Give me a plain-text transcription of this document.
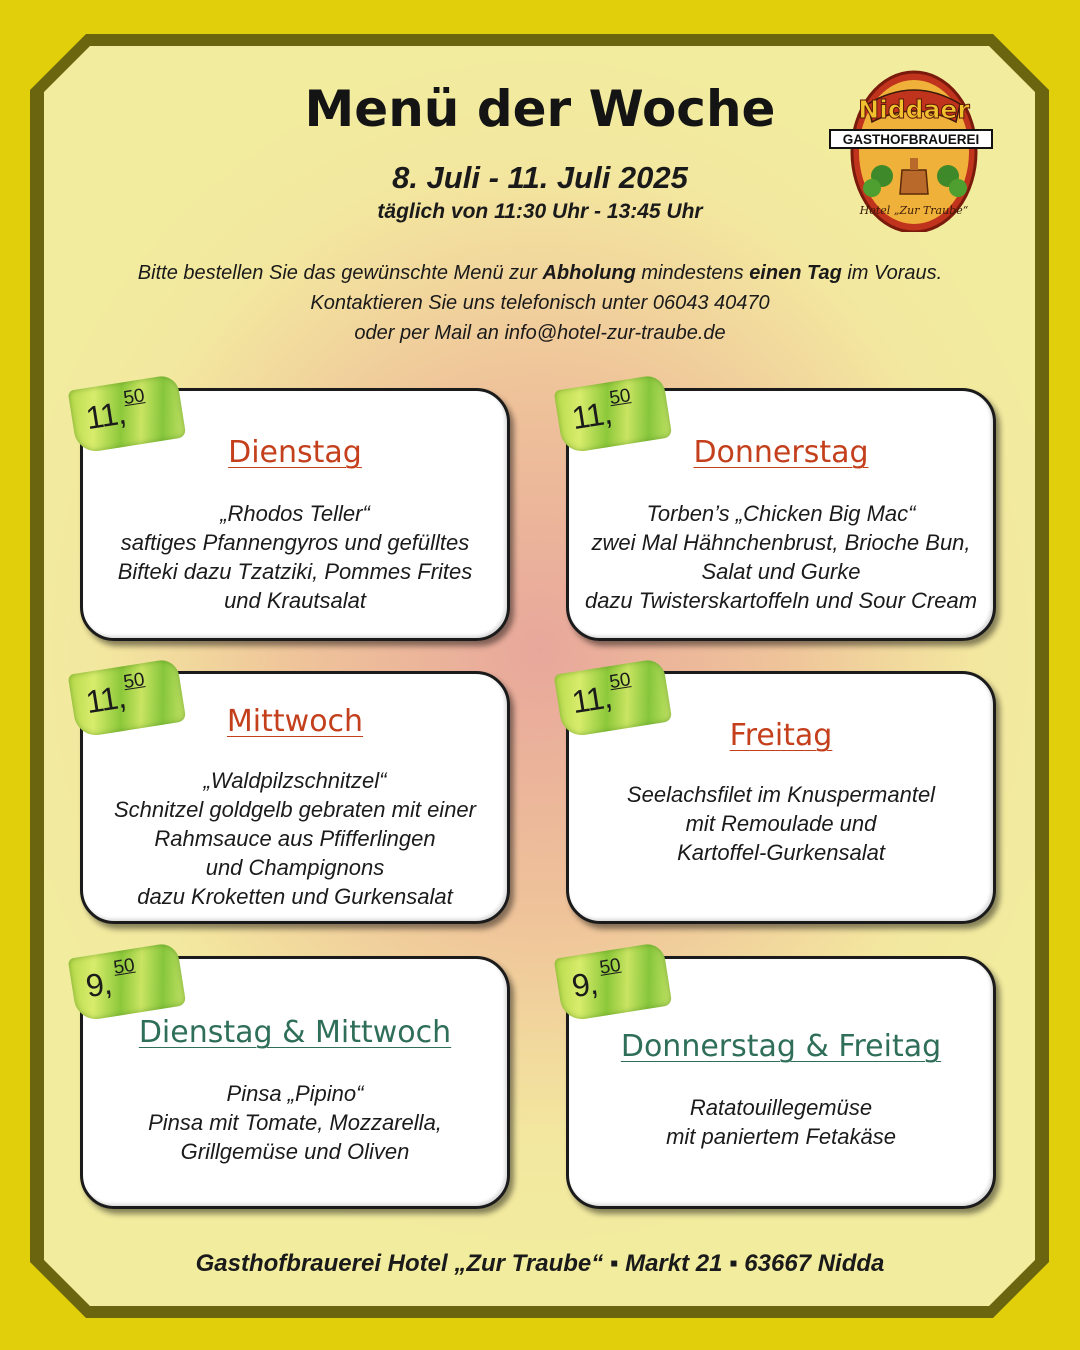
Menü der Woche
8. Juli - 11. Juli 2025
täglich von 11:30 Uhr - 13:45 Uhr
Bitte bestellen Sie das gewünschte Menü zur Abholung mindestens einen Tag im Voraus.
Kontaktieren Sie uns telefonisch unter 06043 40470
oder per Mail an info@hotel-zur-traube.de
Niddaer
GASTHOFBRAUEREI
Hotel „Zur Traube“
Dienstag
„Rhodos Teller“
saftiges Pfannengyros und gefülltes
Bifteki dazu Tzatziki, Pommes Frites
und Krautsalat
11,
50
Donnerstag
Torben’s „Chicken Big Mac“
zwei Mal Hähnchenbrust, Brioche Bun,
Salat und Gurke
dazu Twisterskartoffeln und Sour Cream
11,
50
Mittwoch
„Waldpilzschnitzel“
Schnitzel goldgelb gebraten mit einer
Rahmsauce aus Pfifferlingen
und Champignons
dazu Kroketten und Gurkensalat
11,
50
Freitag
Seelachsfilet im Knuspermantel
mit Remoulade und
Kartoffel-Gurkensalat
11,
50
Dienstag & Mittwoch
Pinsa „Pipino“
Pinsa mit Tomate, Mozzarella,
Grillgemüse und Oliven
9,
50
Donnerstag & Freitag
Ratatouillegemüse
mit paniertem Fetakäse
9,
50
Gasthofbrauerei Hotel „Zur Traube“ ▪ Markt 21 ▪ 63667 Nidda
